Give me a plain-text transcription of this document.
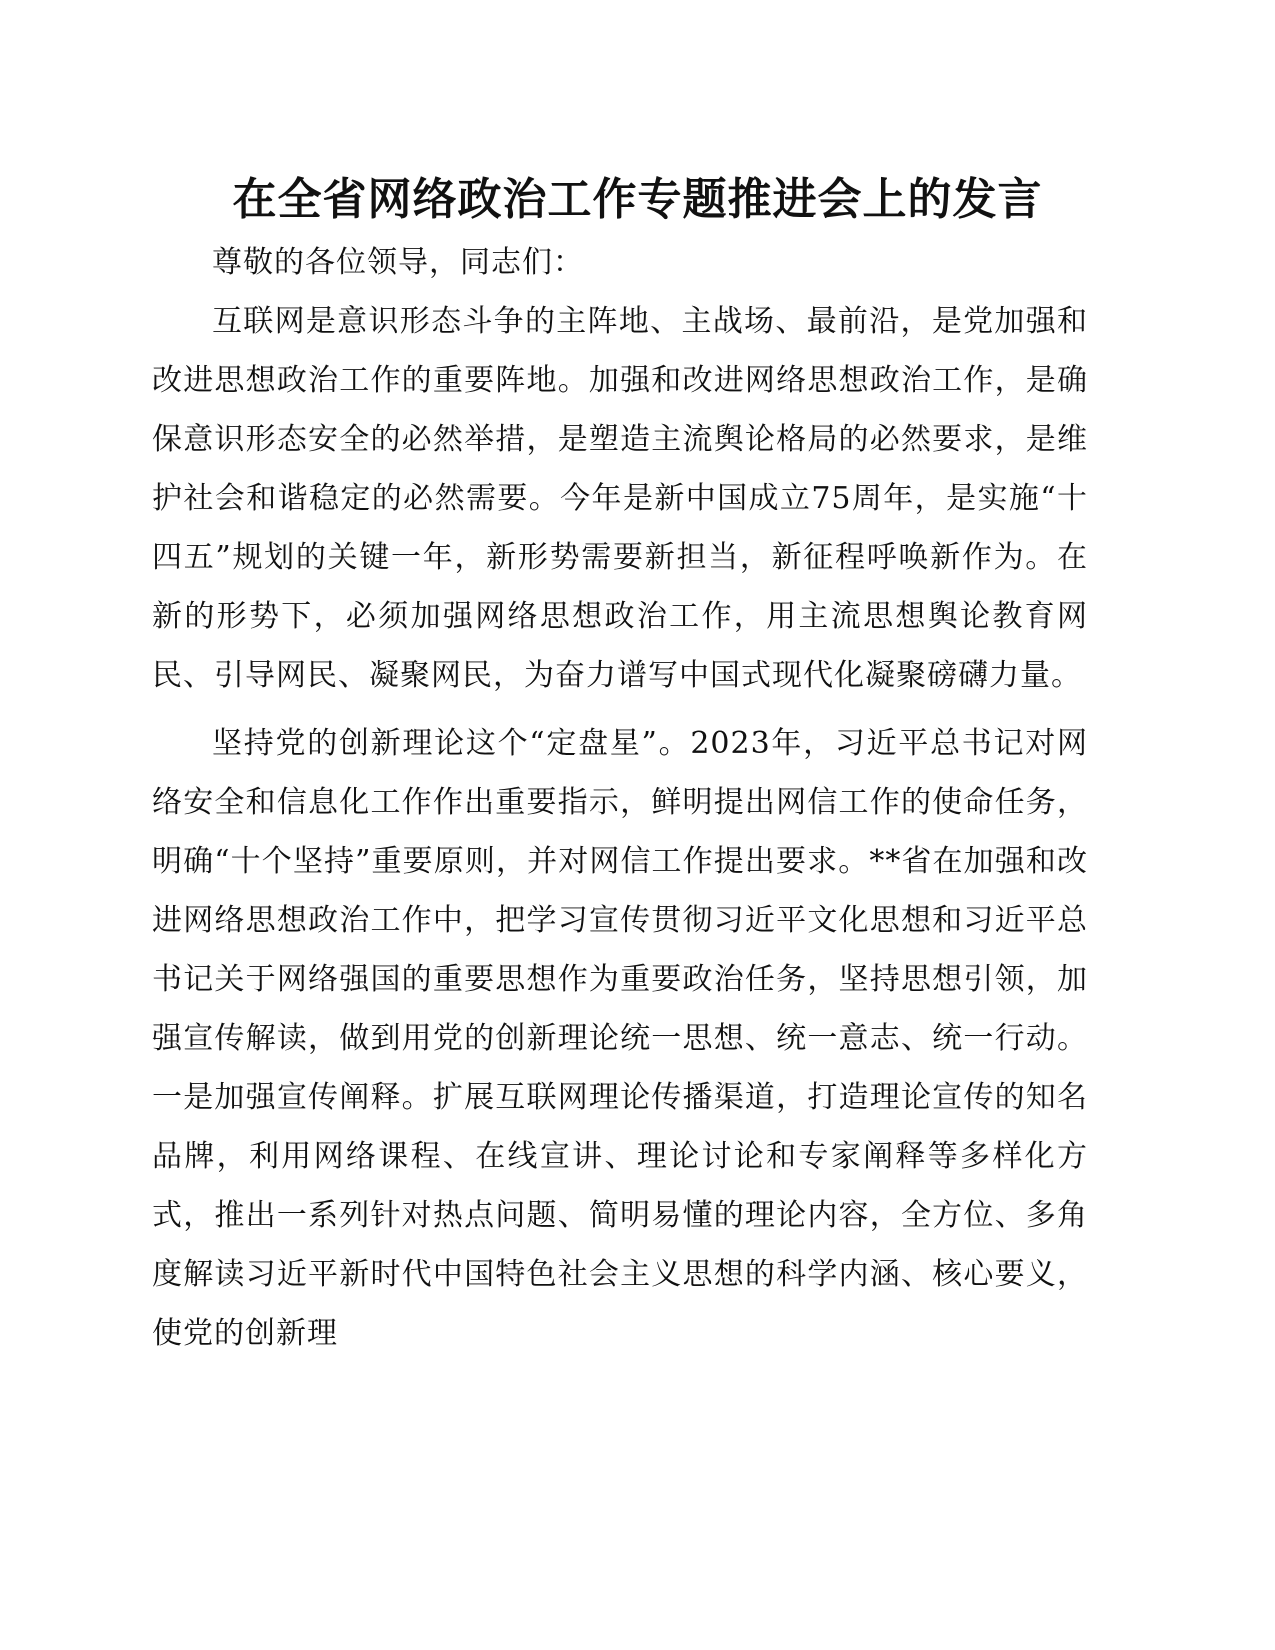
在全省网络政治工作专题推进会上的发言

尊敬的各位领导，同志们：

互联网是意识形态斗争的主阵地、主战场、最前沿，是党加强和改进思想政治工作的重要阵地。加强和改进网络思想政治工作，是确保意识形态安全的必然举措，是塑造主流舆论格局的必然要求，是维护社会和谐稳定的必然需要。今年是新中国成立75周年，是实施“十四五”规划的关键一年，新形势需要新担当，新征程呼唤新作为。在新的形势下，必须加强网络思想政治工作，用主流思想舆论教育网民、引导网民、凝聚网民，为奋力谱写中国式现代化凝聚磅礴力量。

坚持党的创新理论这个“定盘星”。2023年，习近平总书记对网络安全和信息化工作作出重要指示，鲜明提出网信工作的使命任务，明确“十个坚持”重要原则，并对网信工作提出要求。**省在加强和改进网络思想政治工作中，把学习宣传贯彻习近平文化思想和习近平总书记关于网络强国的重要思想作为重要政治任务，坚持思想引领，加强宣传解读，做到用党的创新理论统一思想、统一意志、统一行动。一是加强宣传阐释。扩展互联网理论传播渠道，打造理论宣传的知名品牌，利用网络课程、在线宣讲、理论讨论和专家阐释等多样化方式，推出一系列针对热点问题、简明易懂的理论内容，全方位、多角度解读习近平新时代中国特色社会主义思想的科学内涵、核心要义，使党的创新理
